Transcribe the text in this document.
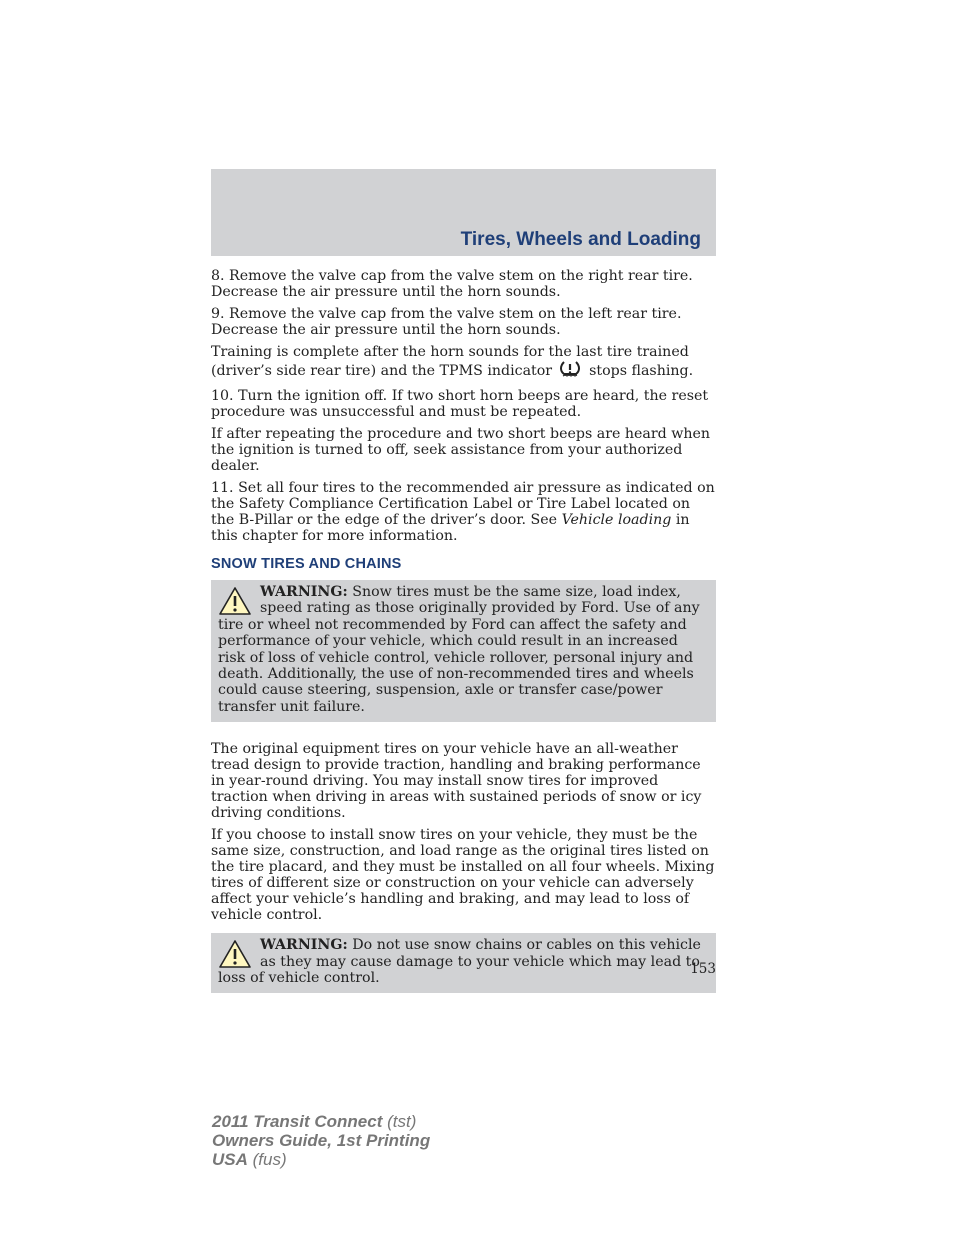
Tires, Wheels and Loading

8. Remove the valve cap from the valve stem on the right rear tire. Decrease the air pressure until the horn sounds.

9. Remove the valve cap from the valve stem on the left rear tire. Decrease the air pressure until the horn sounds.

Training is complete after the horn sounds for the last tire trained (driver’s side rear tire) and the TPMS indicator	stops flashing.

10. Turn the ignition off. If two short horn beeps are heard, the reset procedure was unsuccessful and must be repeated.

If after repeating the procedure and two short beeps are heard when the ignition is turned to off, seek assistance from your authorized dealer.

11. Set all four tires to the recommended air pressure as indicated on the Safety Compliance Certification Label or Tire Label located on the B-Pillar or the edge of the driver’s door. See Vehicle loading in this chapter for more information.

SNOW TIRES AND CHAINS
WARNING: Snow tires must be the same size, load index, speed rating as those originally provided by Ford. Use of any tire or wheel not recommended by Ford can affect the safety and performance of your vehicle, which could result in an increased risk of loss of vehicle control, vehicle rollover, personal injury and death. Additionally, the use of non-recommended tires and wheels could cause steering, suspension, axle or transfer case/power transfer unit failure.

The original equipment tires on your vehicle have an all-weather tread design to provide traction, handling and braking performance in year-round driving. You may install snow tires for improved traction when driving in areas with sustained periods of snow or icy driving conditions.

If you choose to install snow tires on your vehicle, they must be the same size, construction, and load range as the original tires listed on the tire placard, and they must be installed on all four wheels. Mixing tires of different size or construction on your vehicle can adversely affect your vehicle’s handling and braking, and may lead to loss of vehicle control.

WARNING: Do not use snow chains or cables on this vehicle as they may cause damage to your vehicle which may lead to loss of vehicle control.
153
2011 Transit Connect (tst)
Owners Guide, 1st Printing
USA (fus)
